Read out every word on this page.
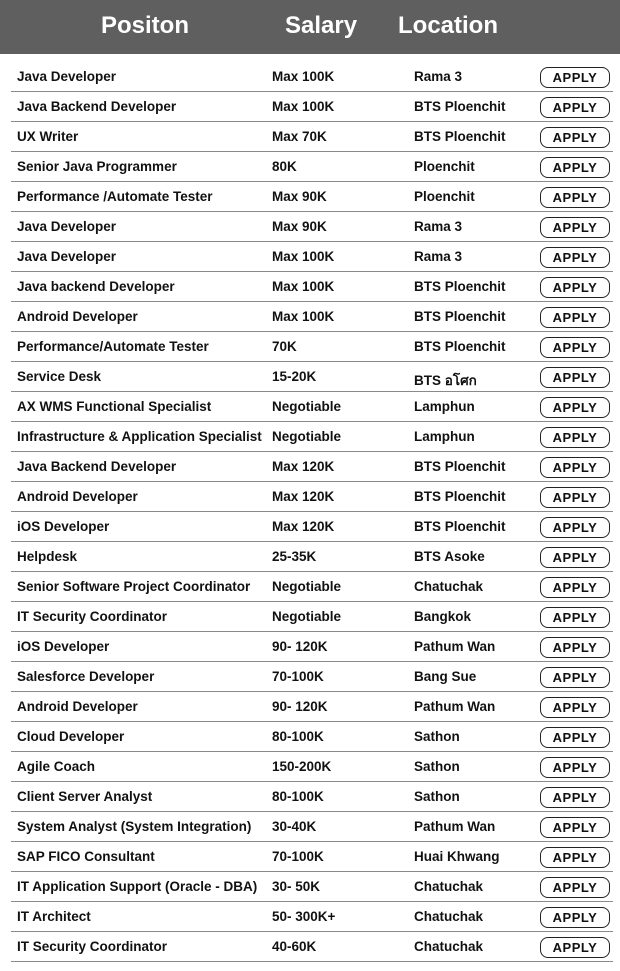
Positon	Salary Location
Java Developer	Max 100K	Rama 3	APPLY
Java Backend Developer	Max 100K	BTS Ploenchit	APPLY
UX Writer	Max 70K	BTS Ploenchit	APPLY
Senior Java Programmer	80K	Ploenchit	APPLY
Performance /Automate Tester	Max 90K	Ploenchit	APPLY
Java Developer	Max 90K	Rama 3	APPLY
Java Developer	Max 100K	Rama 3	APPLY
Java backend Developer	Max 100K	BTS Ploenchit	APPLY
Android Developer	Max 100K	BTS Ploenchit	APPLY
Performance/Automate Tester	70K	BTS Ploenchit	APPLY
Service Desk	15-20K	BTS อโศก	APPLY
AX WMS Functional Specialist	Negotiable	Lamphun	APPLY
Infrastructure & Application Specialist Negotiable	Lamphun	APPLY
Java Backend Developer	Max 120K	BTS Ploenchit	APPLY
Android Developer	Max 120K	BTS Ploenchit	APPLY
iOS Developer	Max 120K	BTS Ploenchit	APPLY
Helpdesk	25-35K	BTS Asoke	APPLY
Senior Software Project Coordinator Negotiable	Chatuchak	APPLY
IT Security Coordinator	Negotiable	Bangkok	APPLY
iOS Developer	90- 120K	Pathum Wan	APPLY
Salesforce Developer	70-100K	Bang Sue	APPLY
Android Developer	90- 120K	Pathum Wan	APPLY
Cloud Developer	80-100K	Sathon	APPLY
Agile Coach	150-200K	Sathon	APPLY
Client Server Analyst	80-100K	Sathon	APPLY
System Analyst (System Integration) 30-40K	Pathum Wan	APPLY
SAP FICO Consultant	70-100K	Huai Khwang	APPLY
IT Application Support (Oracle - DBA) 30- 50K	Chatuchak	APPLY
IT Architect	50- 300K+	Chatuchak	APPLY
IT Security Coordinator	40-60K	Chatuchak	APPLY
